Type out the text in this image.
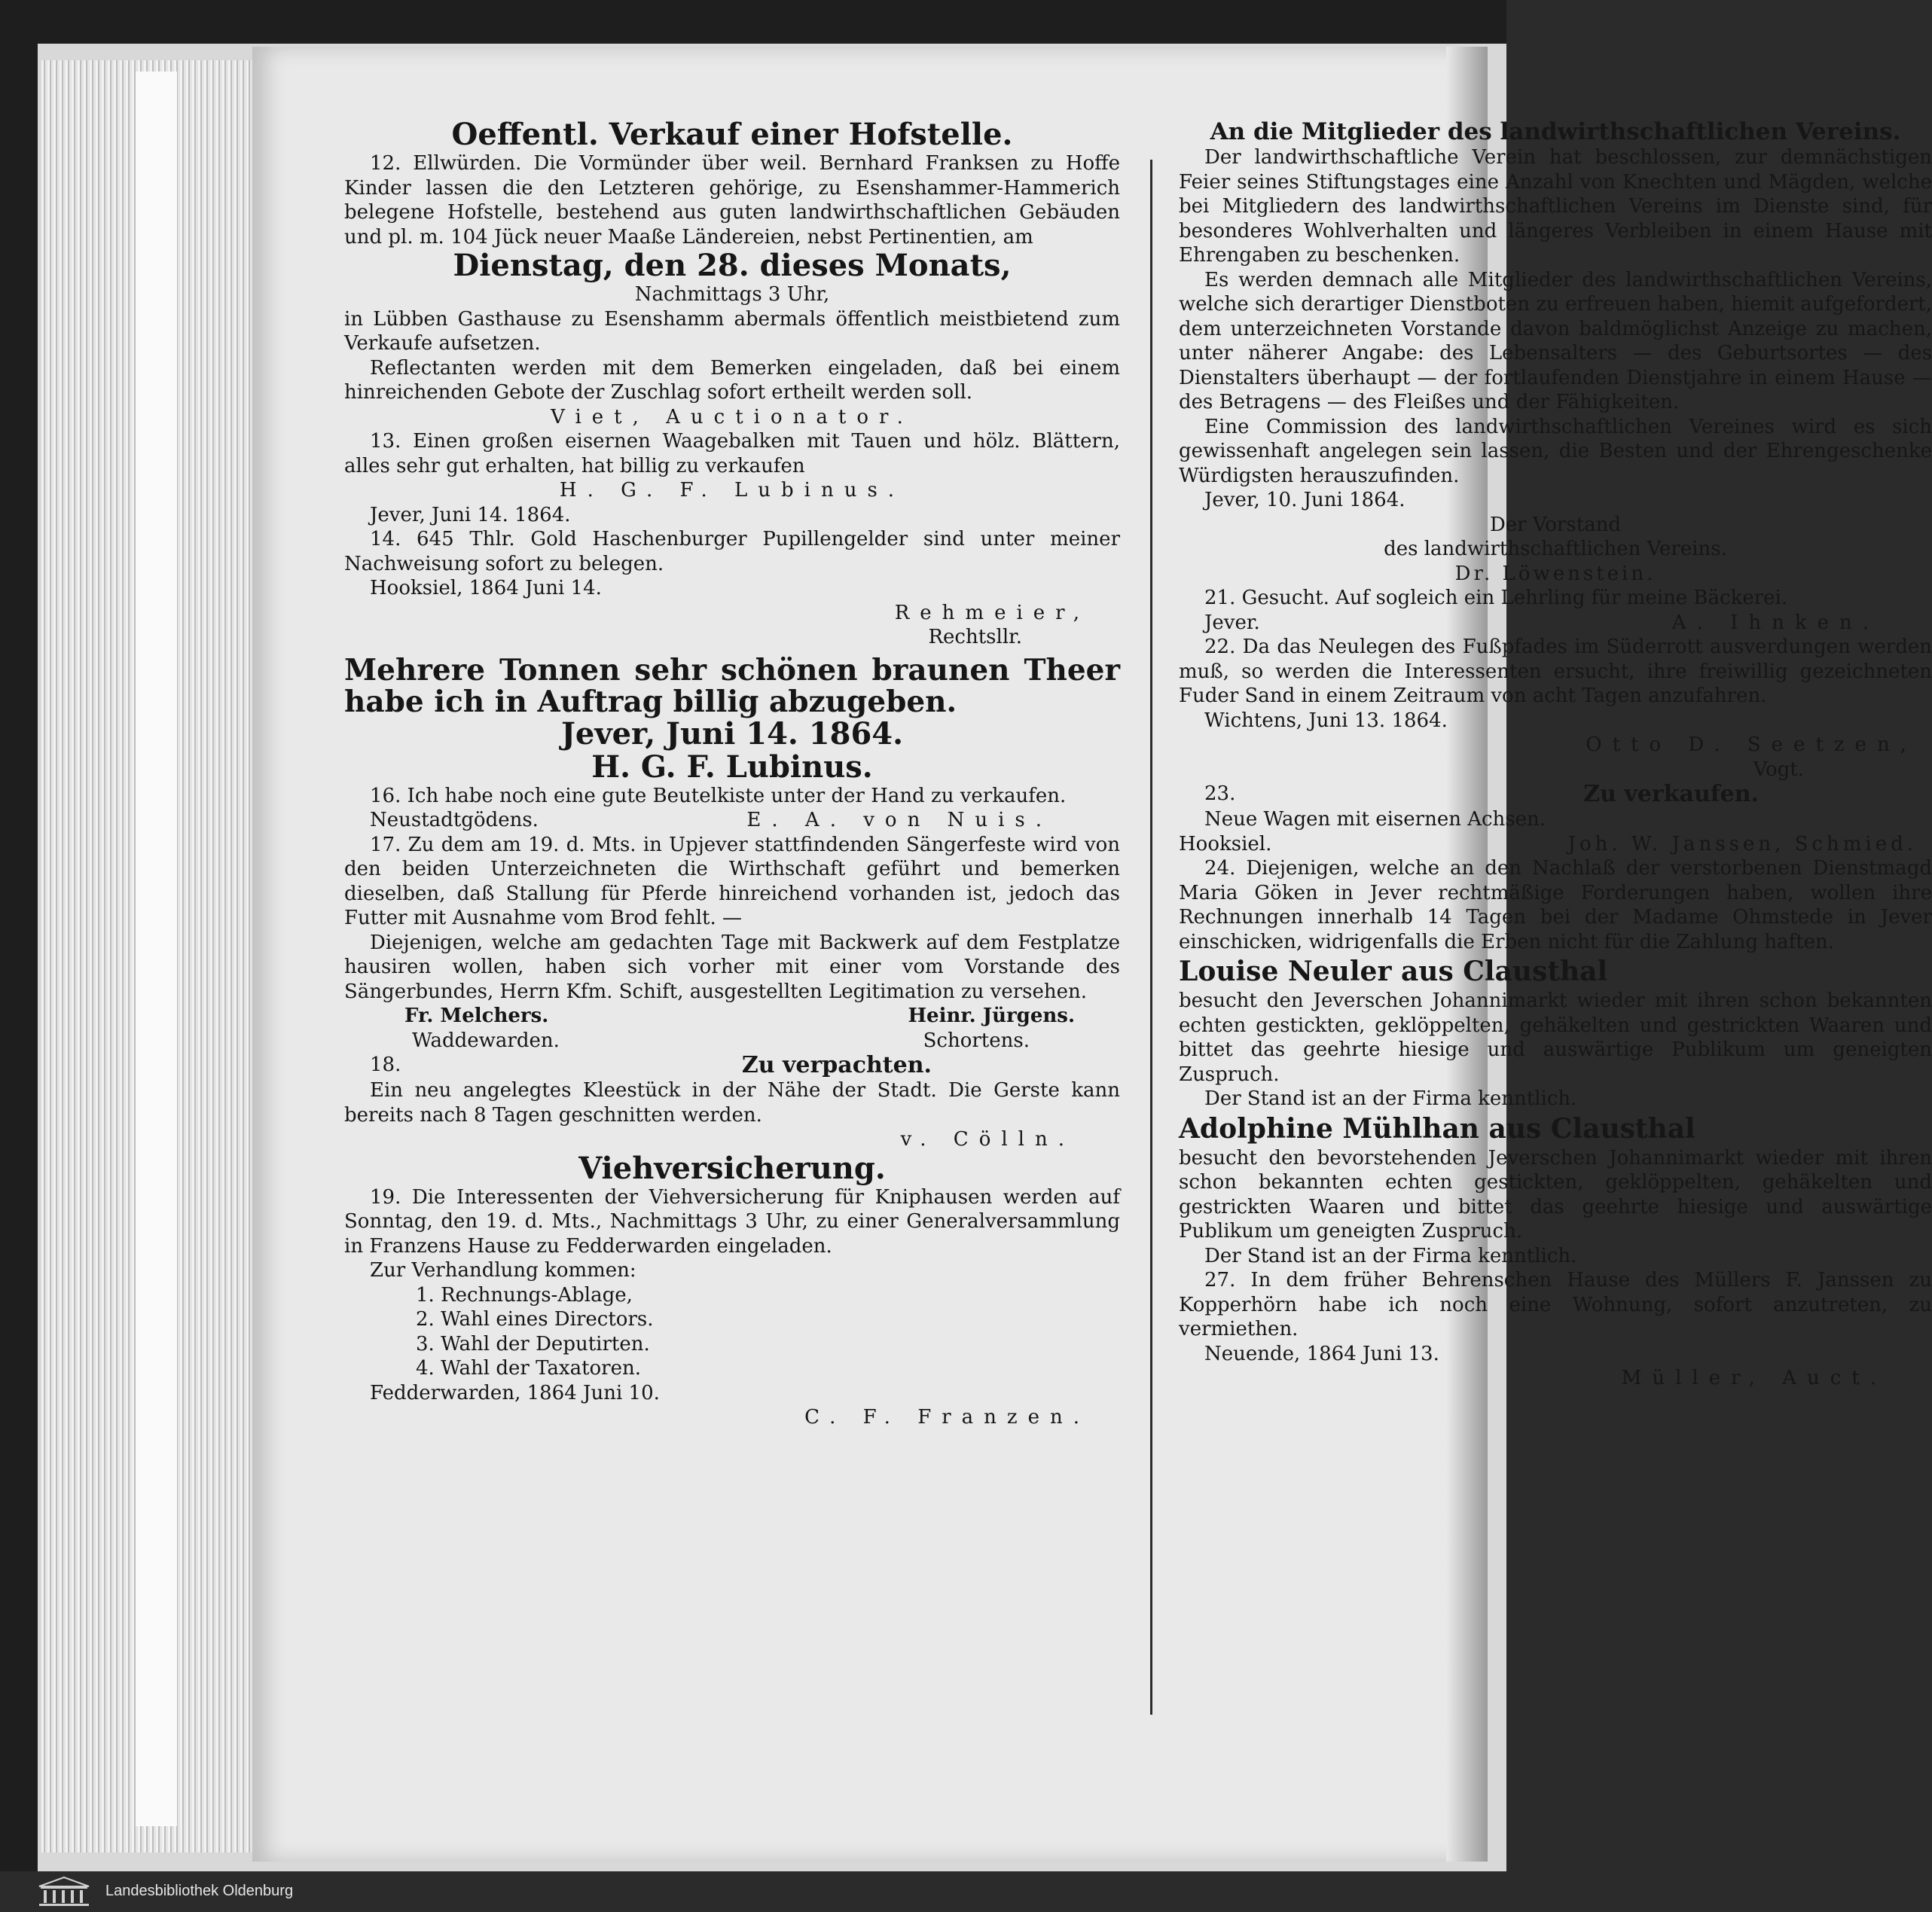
Oeffentl. Verkauf einer Hofstelle.

12. Ellwürden. Die Vormünder über weil. Bernhard Franksen zu Hoffe Kinder lassen die den Letzteren gehörige, zu Esenshammer-Hammerich belegene Hofstelle, bestehend aus guten landwirthschaftlichen Gebäuden und pl. m. 104 Jück neuer Maaße Ländereien, nebst Pertinentien, am

Dienstag, den 28. dieses Monats,

Nachmittags 3 Uhr,

in Lübben Gasthause zu Esenshamm abermals öffentlich meistbietend zum Verkaufe aufsetzen.

Reflectanten werden mit dem Bemerken eingeladen, daß bei einem hinreichenden Gebote der Zuschlag sofort ertheilt werden soll.

Viet, Auctionator.

13. Einen großen eisernen Waagebalken mit Tauen und hölz. Blättern, alles sehr gut erhalten, hat billig zu verkaufen

H. G. F. Lubinus.

Jever, Juni 14. 1864.

14. 645 Thlr. Gold Haschenburger Pupillengelder sind unter meiner Nachweisung sofort zu belegen.

Hooksiel, 1864 Juni 14.

Rehmeier,

Rechtsllr.

Mehrere Tonnen sehr schönen braunen Theer habe ich in Auftrag billig abzugeben.

Jever, Juni 14. 1864.

H. G. F. Lubinus.

16. Ich habe noch eine gute Beutelkiste unter der Hand zu verkaufen.

Neustadtgödens.	E. A. von Nuis.

17. Zu dem am 19. d. Mts. in Upjever stattfindenden Sängerfeste wird von den beiden Unterzeichneten die Wirthschaft geführt und bemerken dieselben, daß Stallung für Pferde hinreichend vorhanden ist, jedoch das Futter mit Ausnahme vom Brod fehlt. —

Diejenigen, welche am gedachten Tage mit Backwerk auf dem Festplatze hausiren wollen, haben sich vorher mit einer vom Vorstande des Sängerbundes, Herrn Kfm. Schift, ausgestellten Legitimation zu versehen.

Fr. Melchers.	Heinr. Jürgens.
Waddewarden.	Schortens.
18.	Zu verpachten.

Ein neu angelegtes Kleestück in der Nähe der Stadt. Die Gerste kann bereits nach 8 Tagen geschnitten werden.

v. Cölln.

Viehversicherung.

19. Die Interessenten der Viehversicherung für Kniphausen werden auf Sonntag, den 19. d. Mts., Nachmittags 3 Uhr, zu einer Generalversammlung in Franzens Hause zu Fedderwarden eingeladen.

Zur Verhandlung kommen:

1. Rechnungs-Ablage,
2. Wahl eines Directors.
3. Wahl der Deputirten.
4. Wahl der Taxatoren.

Fedderwarden, 1864 Juni 10.

C. F. Franzen.

An die Mitglieder des landwirthschaftlichen Vereins.

Der landwirthschaftliche Verein hat beschlossen, zur demnächstigen Feier seines Stiftungstages eine Anzahl von Knechten und Mägden, welche bei Mitgliedern des landwirthschaftlichen Vereins im Dienste sind, für besonderes Wohlverhalten und längeres Verbleiben in einem Hause mit Ehrengaben zu beschenken.

Es werden demnach alle Mitglieder des landwirthschaftlichen Vereins, welche sich derartiger Dienstboten zu erfreuen haben, hiemit aufgefordert, dem unterzeichneten Vorstande davon baldmöglichst Anzeige zu machen, unter näherer Angabe: des Lebensalters — des Geburtsortes — des Dienstalters überhaupt — der fortlaufenden Dienstjahre in einem Hause — des Betragens — des Fleißes und der Fähigkeiten.

Eine Commission des landwirthschaftlichen Vereines wird es sich gewissenhaft angelegen sein lassen, die Besten und der Ehrengeschenke Würdigsten herauszufinden.

Jever, 10. Juni 1864.

Der Vorstand

des landwirthschaftlichen Vereins.

Dr. Löwenstein.

21. Gesucht. Auf sogleich ein Lehrling für meine Bäckerei.

Jever.	A. Ihnken.

22. Da das Neulegen des Fußpfades im Süderrott ausverdungen werden muß, so werden die Interessenten ersucht, ihre freiwillig gezeichneten Fuder Sand in einem Zeitraum von acht Tagen anzufahren.

Wichtens, Juni 13. 1864.

Otto D. Seetzen,

Vogt.

23.	Zu verkaufen.

Neue Wagen mit eisernen Achsen.

Hooksiel.	Joh. W. Janssen, Schmied.

24. Diejenigen, welche an den Nachlaß der verstorbenen Dienstmagd Maria Göken in Jever rechtmäßige Forderungen haben, wollen ihre Rechnungen innerhalb 14 Tagen bei der Madame Ohmstede in Jever einschicken, widrigenfalls die Erben nicht für die Zahlung haften.

Louise Neuler aus Clausthal

besucht den Jeverschen Johannimarkt wieder mit ihren schon bekannten echten gestickten, geklöppelten, gehäkelten und gestrickten Waaren und bittet das geehrte hiesige und auswärtige Publikum um geneigten Zuspruch.

Der Stand ist an der Firma kenntlich.

Adolphine Mühlhan aus Clausthal

besucht den bevorstehenden Jeverschen Johannimarkt wieder mit ihren schon bekannten echten gestickten, geklöppelten, gehäkelten und gestrickten Waaren und bittet das geehrte hiesige und auswärtige Publikum um geneigten Zuspruch.

Der Stand ist an der Firma kenntlich.

27. In dem früher Behrenschen Hause des Müllers F. Janssen zu Kopperhörn habe ich noch eine Wohnung, sofort anzutreten, zu vermiethen.

Neuende, 1864 Juni 13.

Müller, Auct.

Landesbibliothek Oldenburg
